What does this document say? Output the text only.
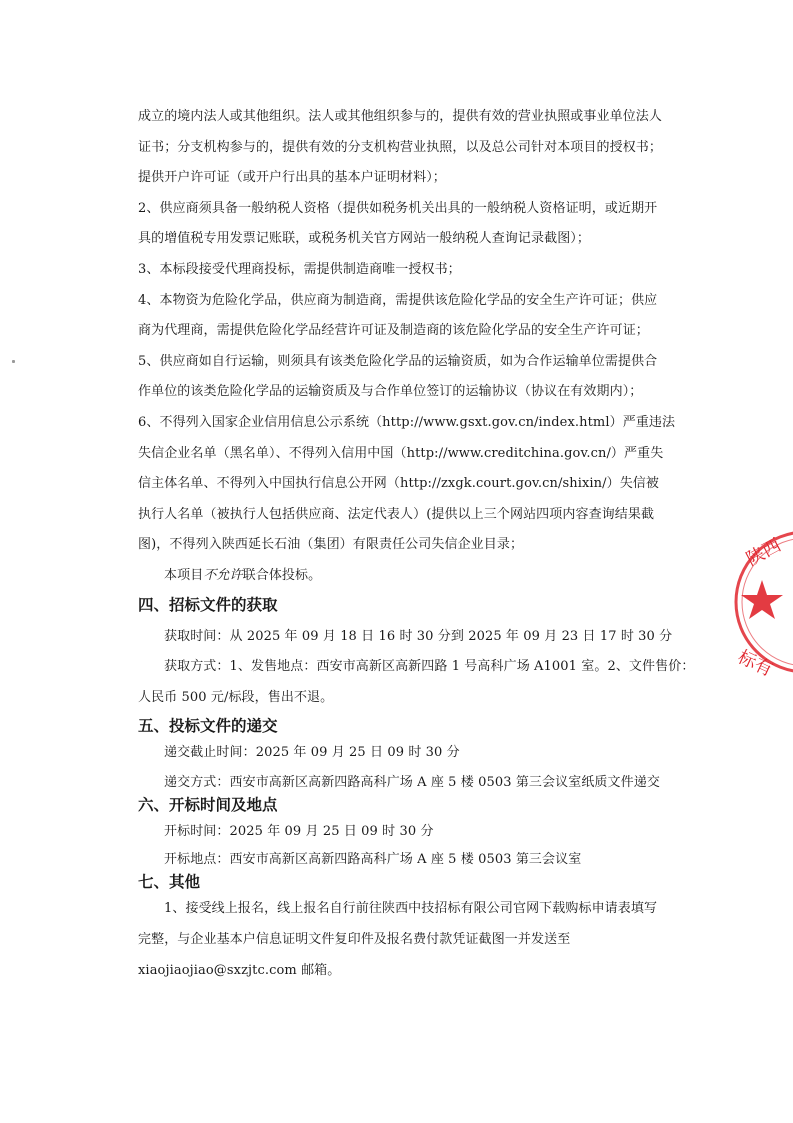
成立的境内法人或其他组织。法人或其他组织参与的，提供有效的营业执照或事业单位法人
证书；分支机构参与的，提供有效的分支机构营业执照，以及总公司针对本项目的授权书；
提供开户许可证（或开户行出具的基本户证明材料）；
2、供应商须具备一般纳税人资格（提供如税务机关出具的一般纳税人资格证明，或近期开
具的增值税专用发票记账联，或税务机关官方网站一般纳税人查询记录截图）；
3、本标段接受代理商投标，需提供制造商唯一授权书；
4、本物资为危险化学品，供应商为制造商，需提供该危险化学品的安全生产许可证；供应
商为代理商，需提供危险化学品经营许可证及制造商的该危险化学品的安全生产许可证；
5、供应商如自行运输，则须具有该类危险化学品的运输资质，如为合作运输单位需提供合
作单位的该类危险化学品的运输资质及与合作单位签订的运输协议（协议在有效期内）；
6、不得列入国家企业信用信息公示系统（http://www.gsxt.gov.cn/index.html）严重违法
失信企业名单（黑名单）、不得列入信用中国（http://www.creditchina.gov.cn/）严重失
信主体名单、不得列入中国执行信息公开网（http://zxgk.court.gov.cn/shixin/）失信被
执行人名单（被执行人包括供应商、法定代表人）(提供以上三个网站四项内容查询结果截
图)，不得列入陕西延长石油（集团）有限责任公司失信企业目录；
本项目不允许联合体投标。
四、招标文件的获取
获取时间：从 2025 年 09 月 18 日 16 时 30 分到 2025 年 09 月 23 日 17 时 30 分
获取方式：1、发售地点：西安市高新区高新四路 1 号高科广场 A1001 室。2、文件售价：
人民币 500 元/标段，售出不退。
五、投标文件的递交
递交截止时间：2025 年 09 月 25 日 09 时 30 分
递交方式：西安市高新区高新四路高科广场 A 座 5 楼 0503 第三会议室纸质文件递交
六、开标时间及地点
开标时间：2025 年 09 月 25 日 09 时 30 分
开标地点：西安市高新区高新四路高科广场 A 座 5 楼 0503 第三会议室
七、其他
1、接受线上报名，线上报名自行前往陕西中技招标有限公司官网下载购标申请表填写
完整，与企业基本户信息证明文件复印件及报名费付款凭证截图一并发送至
xiaojiaojiao@sxzjtc.com 邮箱。
陕西
标有
